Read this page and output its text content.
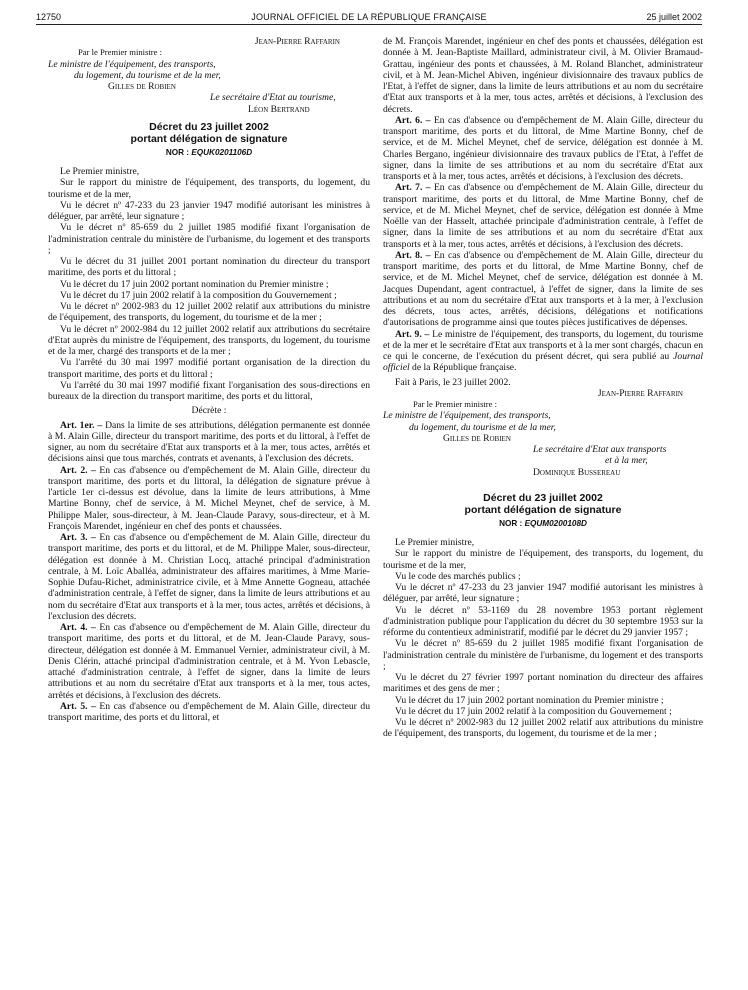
12750	JOURNAL OFFICIEL DE LA RÉPUBLIQUE FRANÇAISE	25 juillet 2002

Jean-Pierre Raffarin

Par le Premier ministre :

Le ministre de l'équipement, des transports,

du logement, du tourisme et de la mer,

Gilles de Robien

Le secrétaire d'Etat au tourisme,

Léon Bertrand

Décret du 23 juillet 2002

portant délégation de signature

NOR : EQUK0201106D

Le Premier ministre,

Sur le rapport du ministre de l'équipement, des transports, du logement, du tourisme et de la mer,

Vu le décret nº 47-233 du 23 janvier 1947 modifié autorisant les ministres à déléguer, par arrêté, leur signature ;

Vu le décret nº 85-659 du 2 juillet 1985 modifié fixant l'organisation de l'administration centrale du ministère de l'urbanisme, du logement et des transports ;

Vu le décret du 31 juillet 2001 portant nomination du directeur du transport maritime, des ports et du littoral ;

Vu le décret du 17 juin 2002 portant nomination du Premier ministre ;

Vu le décret du 17 juin 2002 relatif à la composition du Gouvernement ;

Vu le décret nº 2002-983 du 12 juillet 2002 relatif aux attributions du ministre de l'équipement, des transports, du logement, du tourisme et de la mer ;

Vu le décret nº 2002-984 du 12 juillet 2002 relatif aux attributions du secrétaire d'Etat auprès du ministre de l'équipement, des transports, du logement, du tourisme et de la mer, chargé des transports et de la mer ;

Vu l'arrêté du 30 mai 1997 modifié portant organisation de la direction du transport maritime, des ports et du littoral ;

Vu l'arrêté du 30 mai 1997 modifié fixant l'organisation des sous-directions en bureaux de la direction du transport maritime, des ports et du littoral,

Décrète :

Art. 1er. – Dans la limite de ses attributions, délégation permanente est donnée à M. Alain Gille, directeur du transport maritime, des ports et du littoral, à l'effet de signer, au nom du secrétaire d'Etat aux transports et à la mer, tous actes, arrêtés et décisions ainsi que tous marchés, contrats et avenants, à l'exclusion des décrets.

Art. 2. – En cas d'absence ou d'empêchement de M. Alain Gille, directeur du transport maritime, des ports et du littoral, la délégation de signature prévue à l'article 1er ci-dessus est dévolue, dans la limite de leurs attributions, à Mme Martine Bonny, chef de service, à M. Michel Meynet, chef de service, à M. Philippe Maler, sous-directeur, à M. Jean-Claude Paravy, sous-directeur, et à M. François Marendet, ingénieur en chef des ponts et chaussées.

Art. 3. – En cas d'absence ou d'empêchement de M. Alain Gille, directeur du transport maritime, des ports et du littoral, et de M. Philippe Maler, sous-directeur, délégation est donnée à M. Christian Locq, attaché principal d'administration centrale, à M. Loïc Aballéa, administrateur des affaires maritimes, à Mme Marie-Sophie Dufau-Richet, administratrice civile, et à Mme Annette Gogneau, attachée d'administration centrale, à l'effet de signer, dans la limite de leurs attributions et au nom du secrétaire d'Etat aux transports et à la mer, tous actes, arrêtés et décisions, à l'exclusion des décrets.

Art. 4. – En cas d'absence ou d'empêchement de M. Alain Gille, directeur du transport maritime, des ports et du littoral, et de M. Jean-Claude Paravy, sous-directeur, délégation est donnée à M. Emmanuel Vernier, administrateur civil, à M. Denis Clérin, attaché principal d'administration centrale, et à M. Yvon Lebascle, attaché d'administration centrale, à l'effet de signer, dans la limite de leurs attributions et au nom du secrétaire d'Etat aux transports et à la mer, tous actes, arrêtés et décisions, à l'exclusion des décrets.

Art. 5. – En cas d'absence ou d'empêchement de M. Alain Gille, directeur du transport maritime, des ports et du littoral, et

de M. François Marendet, ingénieur en chef des ponts et chaussées, délégation est donnée à M. Jean-Baptiste Maillard, administrateur civil, à M. Olivier Bramaud-Grattau, ingénieur des ponts et chaussées, à M. Roland Blanchet, administrateur civil, et à M. Jean-Michel Abiven, ingénieur divisionnaire des travaux publics de l'Etat, à l'effet de signer, dans la limite de leurs attributions et au nom du secrétaire d'Etat aux transports et à la mer, tous actes, arrêtés et décisions, à l'exclusion des décrets.

Art. 6. – En cas d'absence ou d'empêchement de M. Alain Gille, directeur du transport maritime, des ports et du littoral, de Mme Martine Bonny, chef de service, et de M. Michel Meynet, chef de service, délégation est donnée à M. Charles Bergano, ingénieur divisionnaire des travaux publics de l'Etat, à l'effet de signer, dans la limite de ses attributions et au nom du secrétaire d'Etat aux transports et à la mer, tous actes, arrêtés et décisions, à l'exclusion des décrets.

Art. 7. – En cas d'absence ou d'empêchement de M. Alain Gille, directeur du transport maritime, des ports et du littoral, de Mme Martine Bonny, chef de service, et de M. Michel Meynet, chef de service, délégation est donnée à Mme Noëlle van der Hasselt, attachée principale d'administration centrale, à l'effet de signer, dans la limite de ses attributions et au nom du secrétaire d'Etat aux transports et à la mer, tous actes, arrêtés et décisions, à l'exclusion des décrets.

Art. 8. – En cas d'absence ou d'empêchement de M. Alain Gille, directeur du transport maritime, des ports et du littoral, de Mme Martine Bonny, chef de service, et de M. Michel Meynet, chef de service, délégation est donnée à M. Jacques Dupendant, agent contractuel, à l'effet de signer, dans la limite de ses attributions et au nom du secrétaire d'Etat aux transports et à la mer, à l'exclusion des décrets, tous actes, arrêtés, décisions, délégations et notifications d'autorisations de programme ainsi que toutes pièces justificatives de dépenses.

Art. 9. – Le ministre de l'équipement, des transports, du logement, du tourisme et de la mer et le secrétaire d'Etat aux transports et à la mer sont chargés, chacun en ce qui le concerne, de l'exécution du présent décret, qui sera publié au Journal officiel de la République française.

Fait à Paris, le 23 juillet 2002.

Jean-Pierre Raffarin

Par le Premier ministre :

Le ministre de l'équipement, des transports,

du logement, du tourisme et de la mer,

Gilles de Robien

Le secrétaire d'Etat aux transports

et à la mer,

Dominique Bussereau

Décret du 23 juillet 2002

portant délégation de signature

NOR : EQUM0200108D

Le Premier ministre,

Sur le rapport du ministre de l'équipement, des transports, du logement, du tourisme et de la mer,

Vu le code des marchés publics ;

Vu le décret nº 47-233 du 23 janvier 1947 modifié autorisant les ministres à déléguer, par arrêté, leur signature ;

Vu le décret nº 53-1169 du 28 novembre 1953 portant règlement d'administration publique pour l'application du décret du 30 septembre 1953 sur la réforme du contentieux administratif, modifié par le décret du 29 janvier 1957 ;

Vu le décret nº 85-659 du 2 juillet 1985 modifié fixant l'organisation de l'administration centrale du ministère de l'urbanisme, du logement et des transports ;

Vu le décret du 27 février 1997 portant nomination du directeur des affaires maritimes et des gens de mer ;

Vu le décret du 17 juin 2002 portant nomination du Premier ministre ;

Vu le décret du 17 juin 2002 relatif à la composition du Gouvernement ;

Vu le décret nº 2002-983 du 12 juillet 2002 relatif aux attributions du ministre de l'équipement, des transports, du logement, du tourisme et de la mer ;
